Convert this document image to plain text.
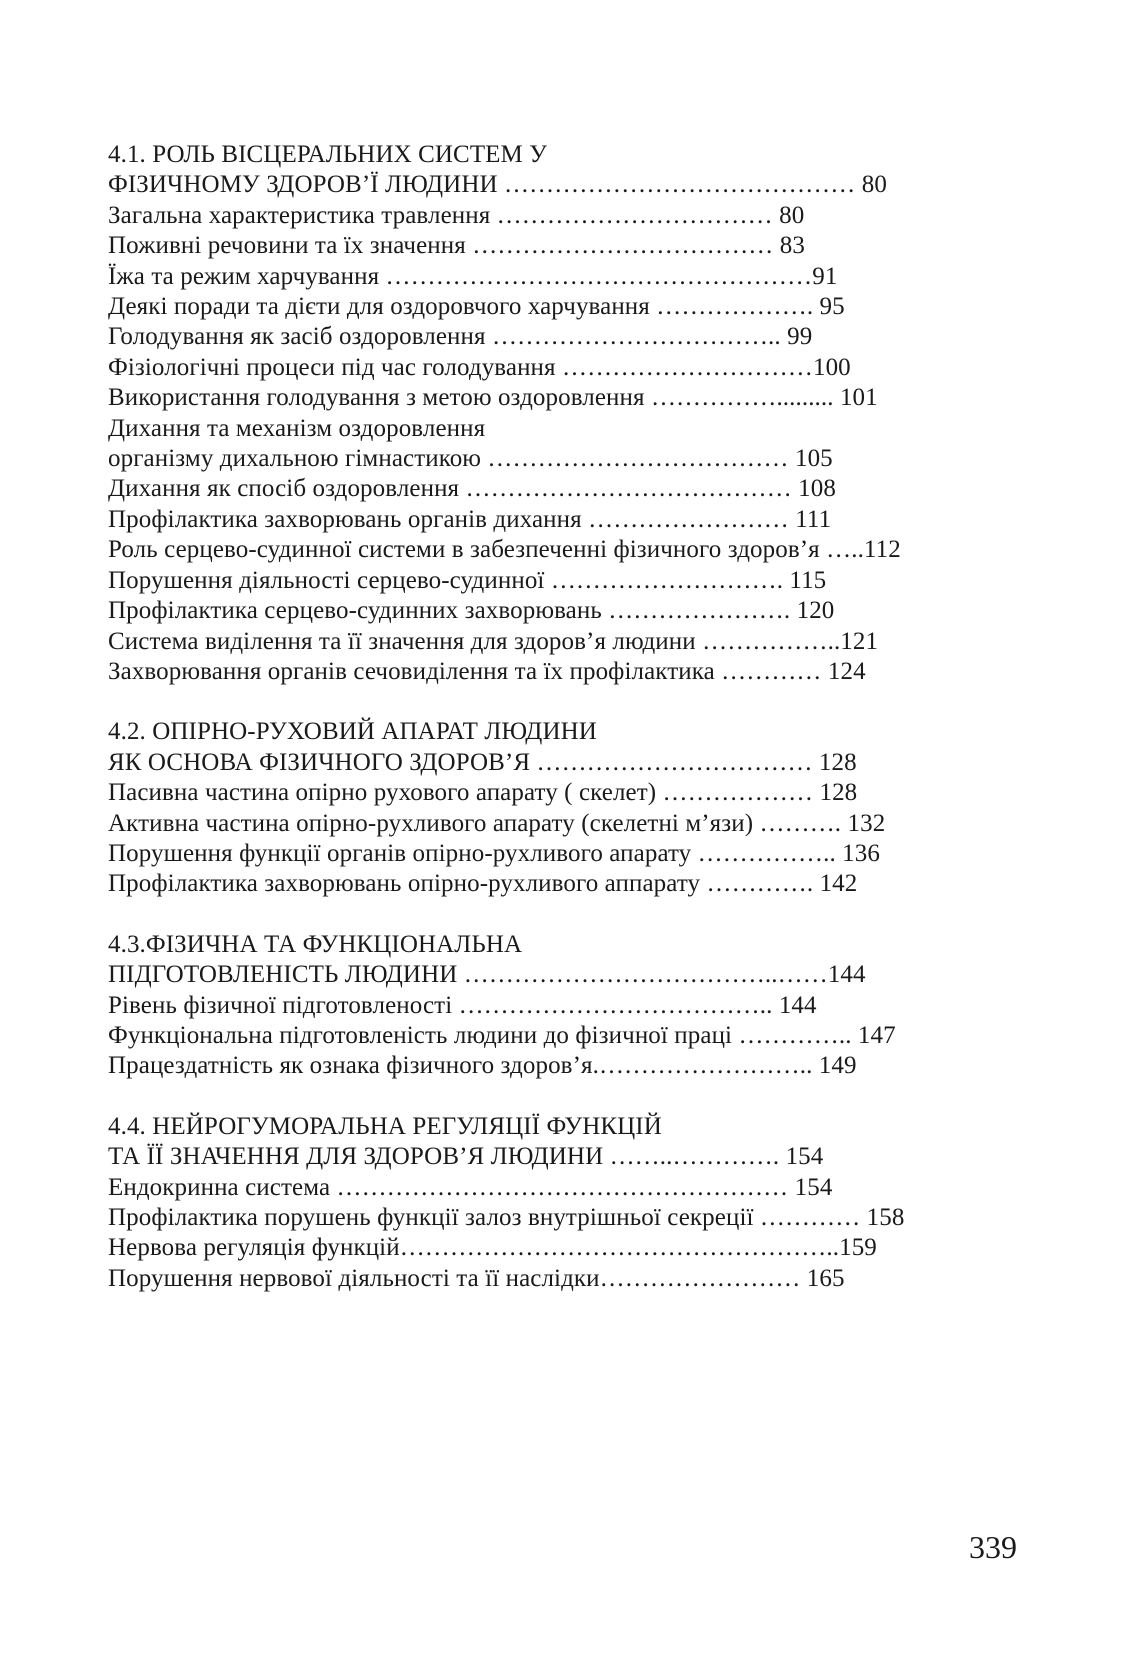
4.1. РОЛЬ ВІСЦЕРАЛЬНИХ СИСТЕМ У
ФІЗИЧНОМУ ЗДОРОВ’Ї ЛЮДИНИ …………………………………… 80
Загальна характеристика травлення …………………………… 80
Поживні речовини та їх значення ……………………………… 83
Їжа та режим харчування ……………………………………………91
Деякі поради та дієти для оздоровчого харчування ………………. 95
Голодування як засіб оздоровлення …………………………….. 99
Фізіологічні процеси під час голодування …………………………100
Використання голодування з метою оздоровлення ……………......... 101
Дихання та механізм оздоровлення
організму дихальною гімнастикою ……………………………… 105
Дихання як спосіб оздоровлення ………………………………… 108
Профілактика захворювань органів дихання …………………… 111
Роль серцево-судинної системи в забезпеченні фізичного здоров’я …..112
Порушення діяльності серцево-судинної ………………………. 115
Профілактика серцево-судинних захворювань …………………. 120
Система виділення та її значення для здоров’я людини ……………..121
Захворювання органів сечовиділення та їх профілактика ………… 124
4.2. ОПІРНО-РУХОВИЙ АПАРАТ ЛЮДИНИ
ЯК ОСНОВА ФІЗИЧНОГО ЗДОРОВ’Я …………………………… 128
Пасивна частина опірно рухового апарату ( скелет) ……………… 128
Активна частина опірно-рухливого апарату (скелетні м’язи) ………. 132
Порушення функції органів опірно-рухливого апарату …………….. 136
Профілактика захворювань опірно-рухливого аппарату …………. 142
4.3.ФІЗИЧНА ТА ФУНКЦІОНАЛЬНА
ПІДГОТОВЛЕНІСТЬ ЛЮДИНИ ………………………………..……144
Рівень фізичної підготовленості ……………………………….. 144
Функціональна підготовленість людини до фізичної праці ………….. 147
Працездатність як ознака фізичного здоров’я.…………………….. 149
4.4. НЕЙРОГУМОРАЛЬНА РЕГУЛЯЦІЇ ФУНКЦІЙ
ТА ЇЇ ЗНАЧЕННЯ ДЛЯ ЗДОРОВ’Я ЛЮДИНИ ……..…………. 154
Ендокринна система ……………………………………………… 154
Профілактика порушень функції залоз внутрішньої секреції ………… 158
Нервова регуляція функцій……………………………………………..159
Порушення нервової діяльності та її наслідки…………………… 165
339
